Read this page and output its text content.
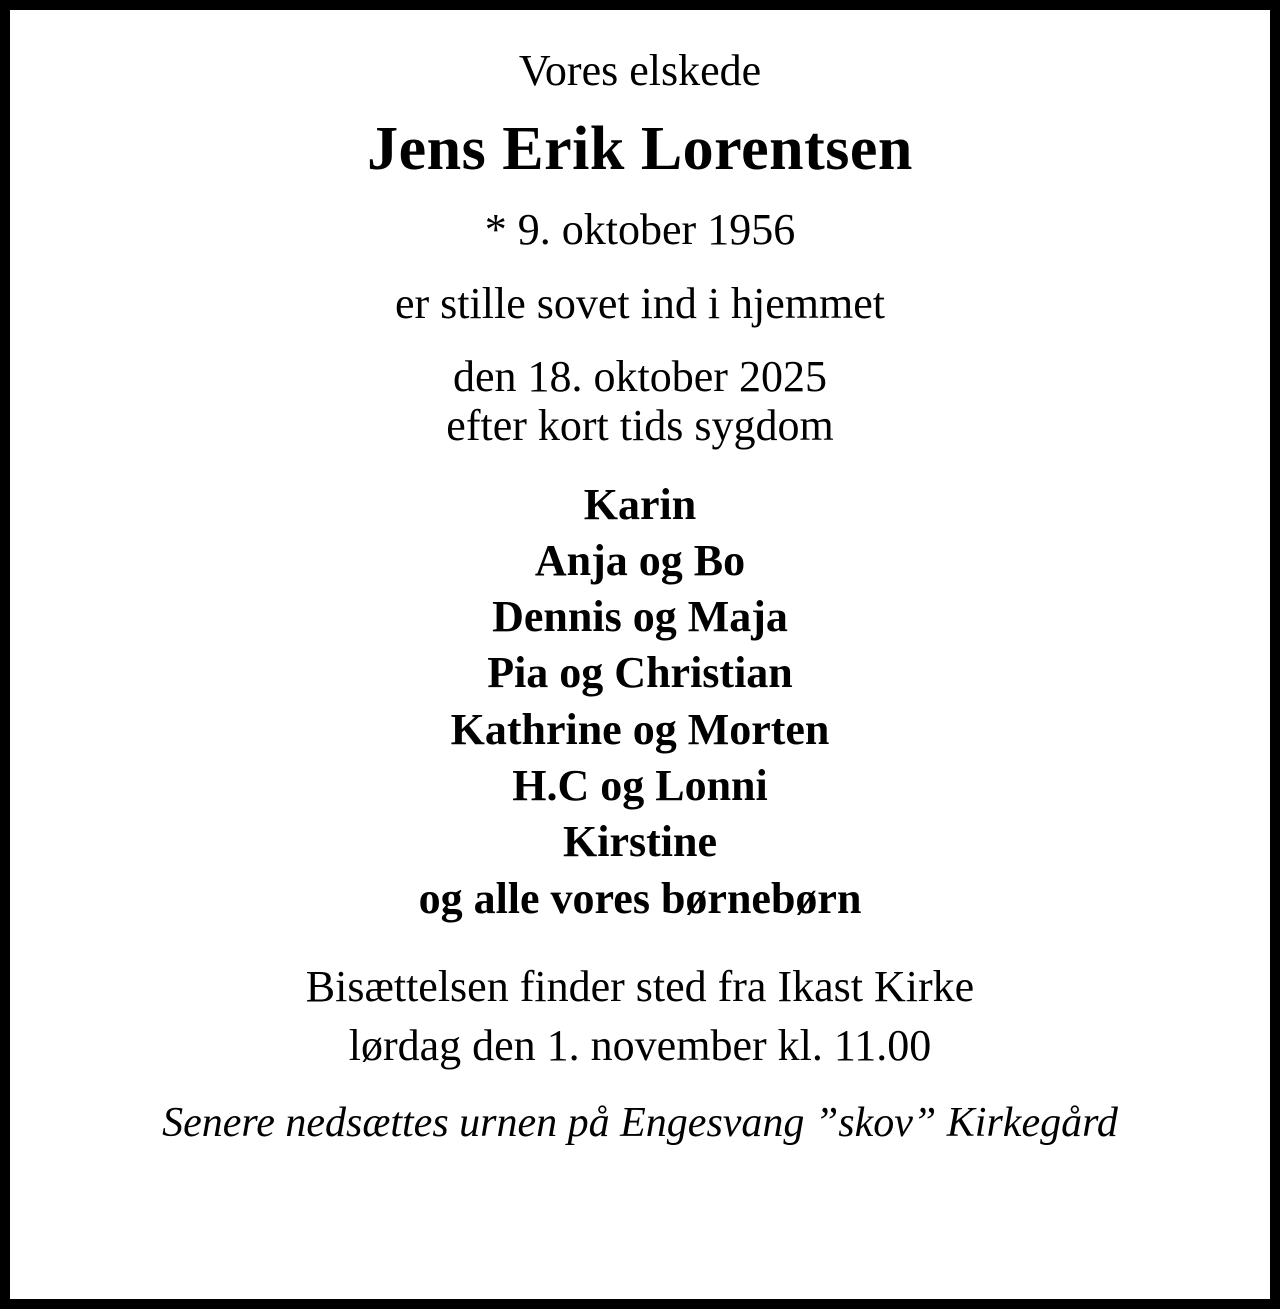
Vores elskede
Jens Erik Lorentsen
* 9. oktober 1956
er stille sovet ind i hjemmet
den 18. oktober 2025
efter kort tids sygdom
Karin
Anja og Bo
Dennis og Maja
Pia og Christian
Kathrine og Morten
H.C og Lonni
Kirstine
og alle vores børnebørn
Bisættelsen finder sted fra Ikast Kirke
lørdag den 1. november kl. 11.00
Senere nedsættes urnen på Engesvang ”skov” Kirkegård
